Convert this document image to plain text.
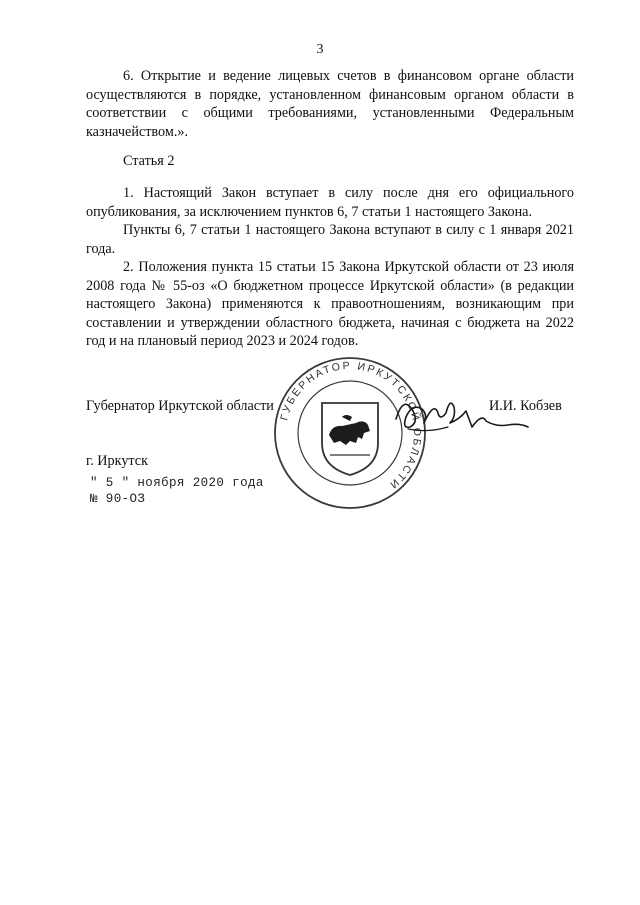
3

6. Открытие и ведение лицевых счетов в финансовом органе области осуществляются в порядке, установленном финансовым органом области в соответствии с общими требованиями, установленными Федеральным казначейством.».

Статья 2

1. Настоящий Закон вступает в силу после дня его официального опубликования, за исключением пунктов 6, 7 статьи 1 настоящего Закона.

Пункты 6, 7 статьи 1 настоящего Закона вступают в силу с 1 января 2021 года.

2. Положения пункта 15 статьи 15 Закона Иркутской области от 23 июля 2008 года № 55-оз «О бюджетном процессе Иркутской области» (в редакции настоящего Закона) применяются к правоотношениям, возникающим при составлении и утверждении областного бюджета, начиная с бюджета на 2022 год и на плановый период 2023 и 2024 годов.

Губернатор Иркутской области
ГУБЕРНАТОР ИРКУТСКОЙ ОБЛАСТИ
И.И. Кобзев
г. Иркутск
" 5 " ноября 2020 года
№ 90-ОЗ
